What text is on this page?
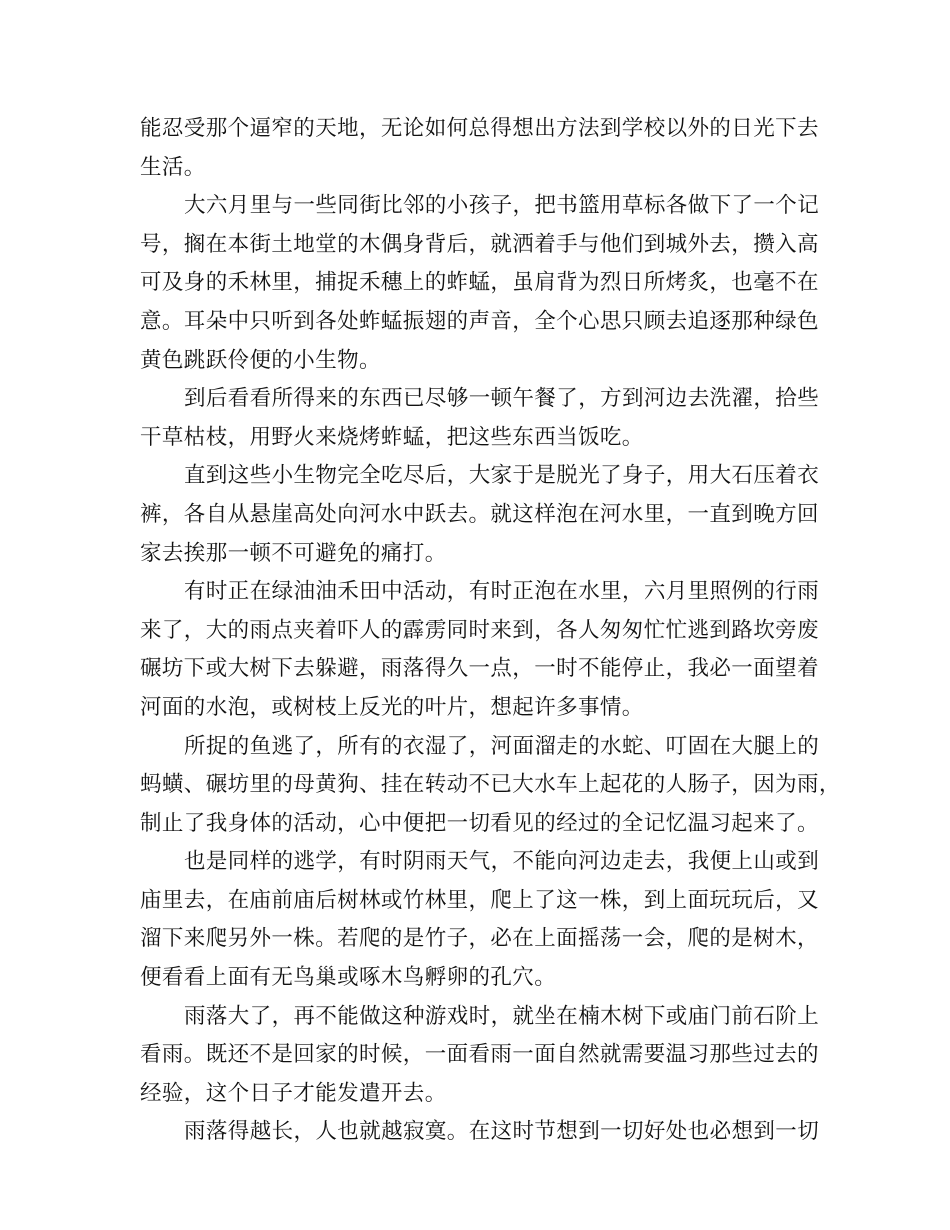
能忍受那个逼窄的天地，无论如何总得想出方法到学校以外的日光下去
生活。

大六月里与一些同街比邻的小孩子，把书篮用草标各做下了一个记
号，搁在本街土地堂的木偶身背后，就洒着手与他们到城外去，攒入高
可及身的禾林里，捕捉禾穗上的蚱蜢，虽肩背为烈日所烤炙，也毫不在
意。耳朵中只听到各处蚱蜢振翅的声音，全个心思只顾去追逐那种绿色
黄色跳跃伶便的小生物。

到后看看所得来的东西已尽够一顿午餐了，方到河边去洗濯，拾些
干草枯枝，用野火来烧烤蚱蜢，把这些东西当饭吃。

直到这些小生物完全吃尽后，大家于是脱光了身子，用大石压着衣
裤，各自从悬崖高处向河水中跃去。就这样泡在河水里，一直到晚方回
家去挨那一顿不可避免的痛打。

有时正在绿油油禾田中活动，有时正泡在水里，六月里照例的行雨
来了，大的雨点夹着吓人的霹雳同时来到，各人匆匆忙忙逃到路坎旁废
碾坊下或大树下去躲避，雨落得久一点，一时不能停止，我必一面望着
河面的水泡，或树枝上反光的叶片，想起许多事情。

所捉的鱼逃了，所有的衣湿了，河面溜走的水蛇、叮固在大腿上的
蚂蟥、碾坊里的母黄狗、挂在转动不已大水车上起花的人肠子，因为雨，
制止了我身体的活动，心中便把一切看见的经过的全记忆温习起来了。

也是同样的逃学，有时阴雨天气，不能向河边走去，我便上山或到
庙里去，在庙前庙后树林或竹林里，爬上了这一株，到上面玩玩后，又
溜下来爬另外一株。若爬的是竹子，必在上面摇荡一会，爬的是树木，
便看看上面有无鸟巢或啄木鸟孵卵的孔穴。

雨落大了，再不能做这种游戏时，就坐在楠木树下或庙门前石阶上
看雨。既还不是回家的时候，一面看雨一面自然就需要温习那些过去的
经验，这个日子才能发遣开去。

雨落得越长，人也就越寂寞。在这时节想到一切好处也必想到一切
